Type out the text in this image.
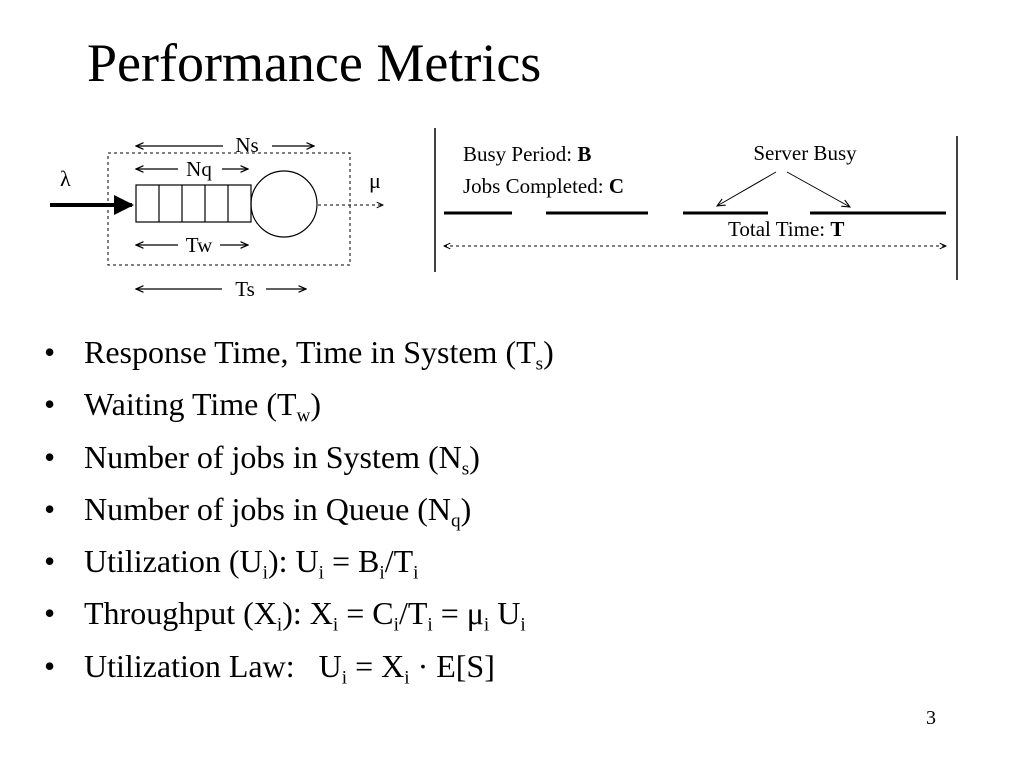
Performance Metrics
λ	μ
Ns
Nq
Tw
Ts
Busy Period: B
Jobs Completed: C
Server Busy
Total Time: T
• Response Time, Time in System $(T_s)$
• Waiting Time $(T_w)$
• Number of jobs in System $(N_s)$
• Number of jobs in Queue $(N_q)$
• Utilization $(U_i)$: $U_i = B_i/T_i$
• Throughput $(X_i)$: $X_i = C_i/T_i = \mu_i$ $U_i$
• Utilization Law:   $U_i = X_i \cdot E[S]$
3
